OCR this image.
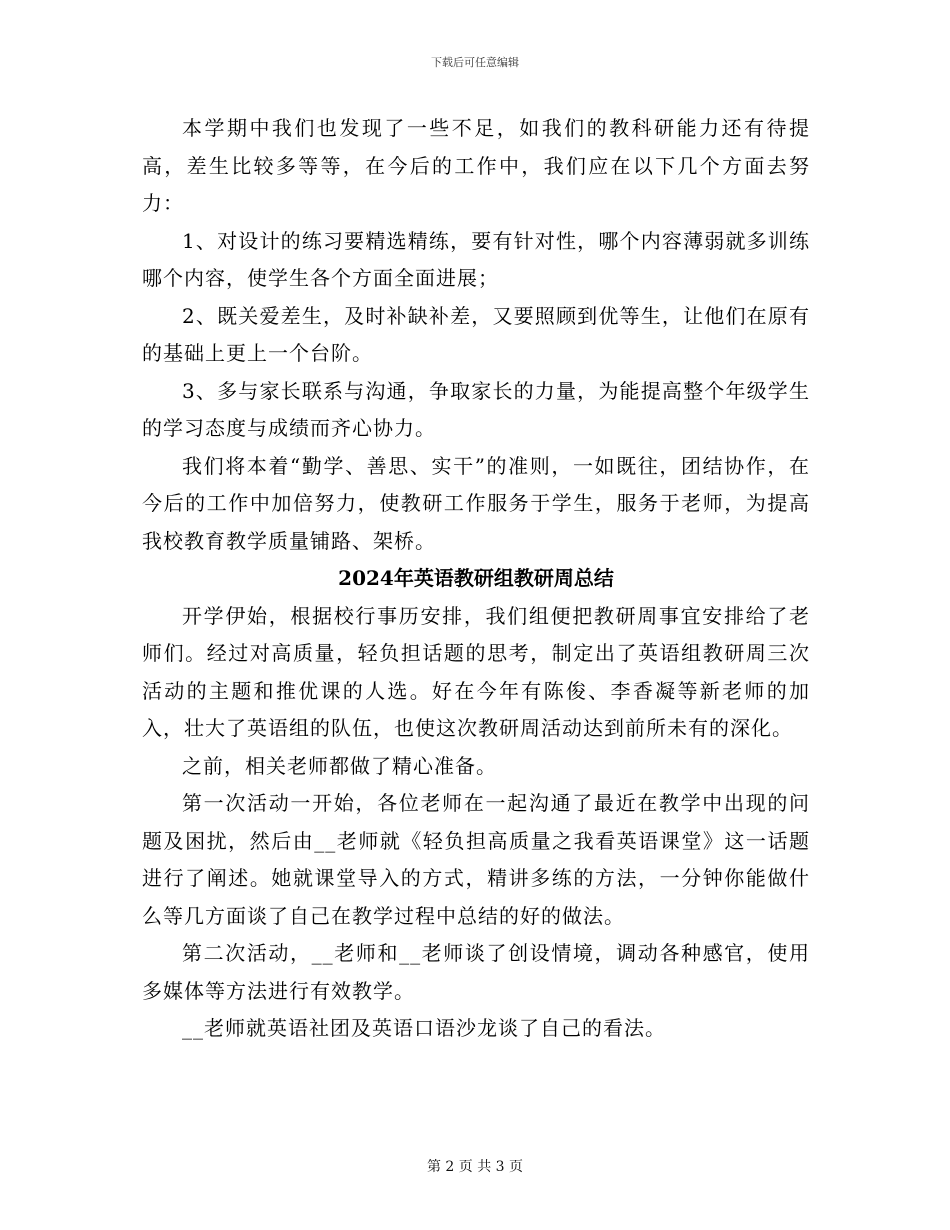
下载后可任意编辑

本学期中我们也发现了一些不足，如我们的教科研能力还有待提高，差生比较多等等，在今后的工作中，我们应在以下几个方面去努力：

1、对设计的练习要精选精练，要有针对性，哪个内容薄弱就多训练哪个内容，使学生各个方面全面进展；

2、既关爱差生，及时补缺补差，又要照顾到优等生，让他们在原有的基础上更上一个台阶。

3、多与家长联系与沟通，争取家长的力量，为能提高整个年级学生的学习态度与成绩而齐心协力。

我们将本着“勤学、善思、实干”的准则，一如既往，团结协作，在今后的工作中加倍努力，使教研工作服务于学生，服务于老师，为提高我校教育教学质量铺路、架桥。

2024年英语教研组教研周总结

开学伊始，根据校行事历安排，我们组便把教研周事宜安排给了老师们。经过对高质量，轻负担话题的思考，制定出了英语组教研周三次活动的主题和推优课的人选。好在今年有陈俊、李香凝等新老师的加入，壮大了英语组的队伍，也使这次教研周活动达到前所未有的深化。

之前，相关老师都做了精心准备。

第一次活动一开始，各位老师在一起沟通了最近在教学中出现的问题及困扰，然后由__老师就《轻负担高质量之我看英语课堂》这一话题进行了阐述。她就课堂导入的方式，精讲多练的方法，一分钟你能做什么等几方面谈了自己在教学过程中总结的好的做法。

第二次活动，__老师和__老师谈了创设情境，调动各种感官，使用多媒体等方法进行有效教学。

__老师就英语社团及英语口语沙龙谈了自己的看法。

第 2 页 共 3 页
